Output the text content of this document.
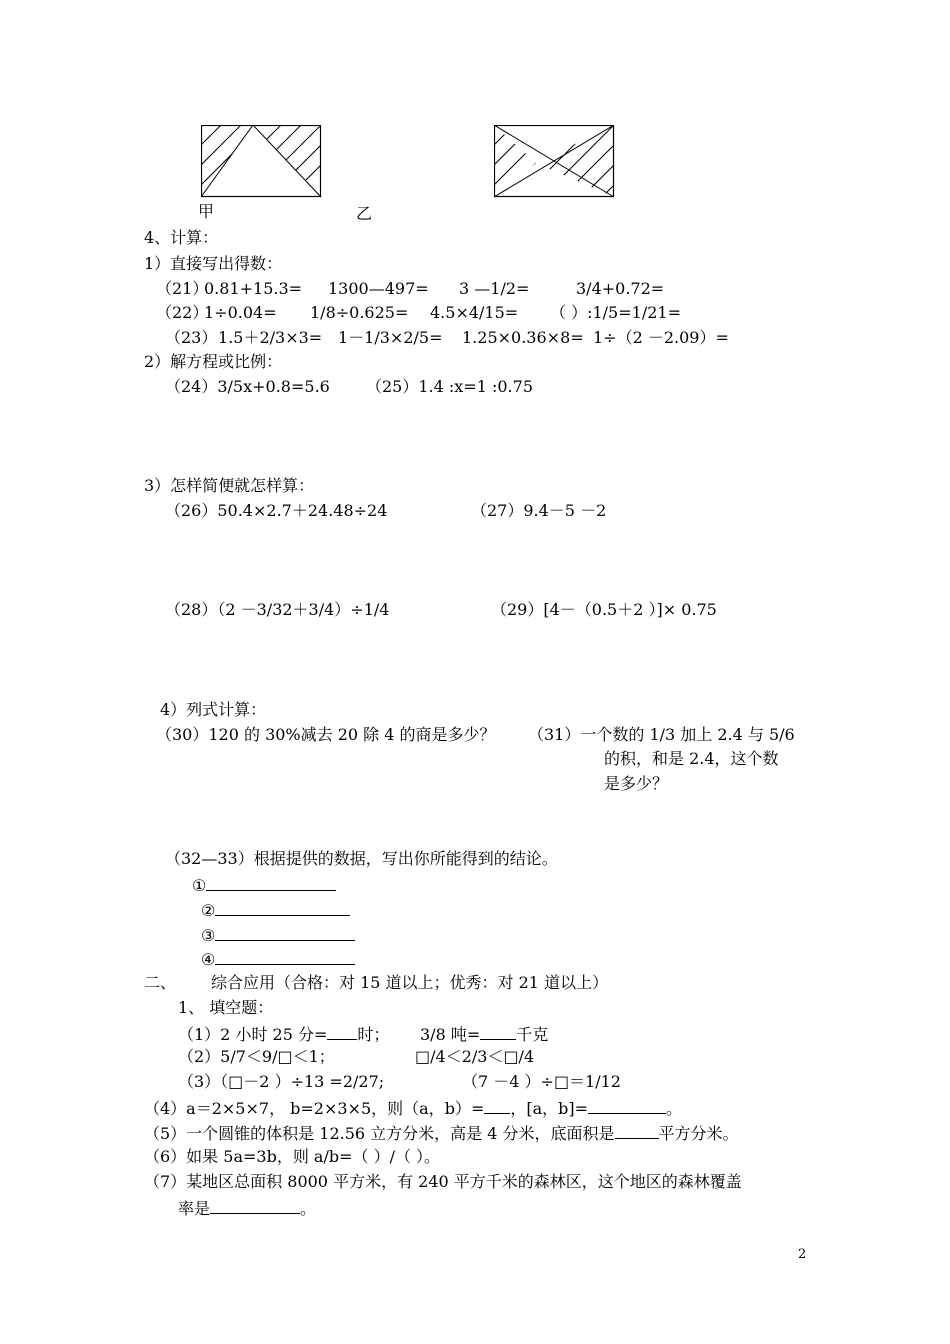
甲	乙
4、计算：
1）直接写出得数：
（21）
0.81+15.3= 1300—497= 3 —1/2=	3/4+0.72=
（22）
1÷0.04= 1/8÷0.625= 4.5×4/15= （ ）:1/5=1/21=
（23） 1.5＋2/3×3= 1－1/3×2/5= 1.25×0.36×8= 1÷（2 －2.09）=
2）解方程或比例：
（24）3/5x+0.8=5.6 （25）1.4 :x=1 :0.75
3）怎样简便就怎样算：
（26）50.4×2.7＋24.48÷24	（27）9.4－5 －2
（28）（2 －3/32＋3/4）÷1/4	（29）[4－（0.5＋2 ）]× 0.75
4）列式计算：
（30）120 的 30%减去 20 除 4 的商是多少？ （31）一个数的 1/3 加上 2.4 与 5/6
的积，和是 2.4，这个数
是多少？
（32—33）根据提供的数据，写出你所能得到的结论。
①
②
③
④
二、 综合应用（合格：对 15 道以上；优秀：对 21 道以上）
1、 填空题：
（1）2 小时 25 分= 时； 3/8 吨= 千克
（2）5/7＜9/□＜1；	□/4＜2/3＜□/4
（3）（□－2 ）÷13 =2/27;	（7 －4 ）÷□＝1/12
（4）a＝2×5×7， b=2×3×5，则（a，b）= ，[a，b]=	。
（5）一个圆锥的体积是 12.56 立方分米，高是 4 分米，底面积是	平方分米。
（6）如果 5a=3b，则 a/b=（ ）/（ ）。
（7）某地区总面积 8000 平方米，有 240 平方千米的森林区，这个地区的森林覆盖
率是	。
2
